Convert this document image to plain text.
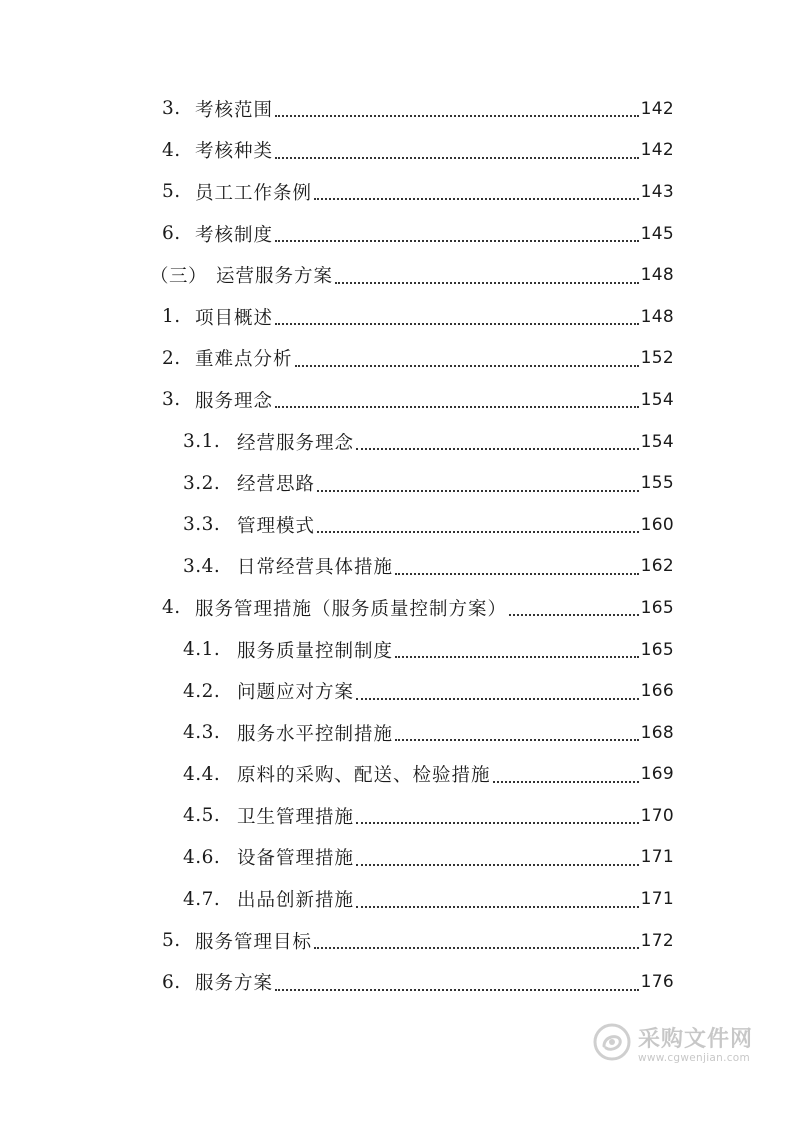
3. 考核范围	142
4. 考核种类	142
5. 员工工作条例	143
6. 考核制度	145
（三） 运营服务方案	148
1. 项目概述	148
2. 重难点分析	152
3. 服务理念	154
3.1. 经营服务理念	154
3.2. 经营思路	155
3.3. 管理模式	160
3.4. 日常经营具体措施	162
4. 服务管理措施（服务质量控制方案）	165
4.1. 服务质量控制制度	165
4.2. 问题应对方案	166
4.3. 服务水平控制措施	168
4.4. 原料的采购、配送、检验措施	169
4.5. 卫生管理措施	170
4.6. 设备管理措施	171
4.7. 出品创新措施	171
5. 服务管理目标	172
6. 服务方案	176
采购文件网
www.cgwenjian.com
